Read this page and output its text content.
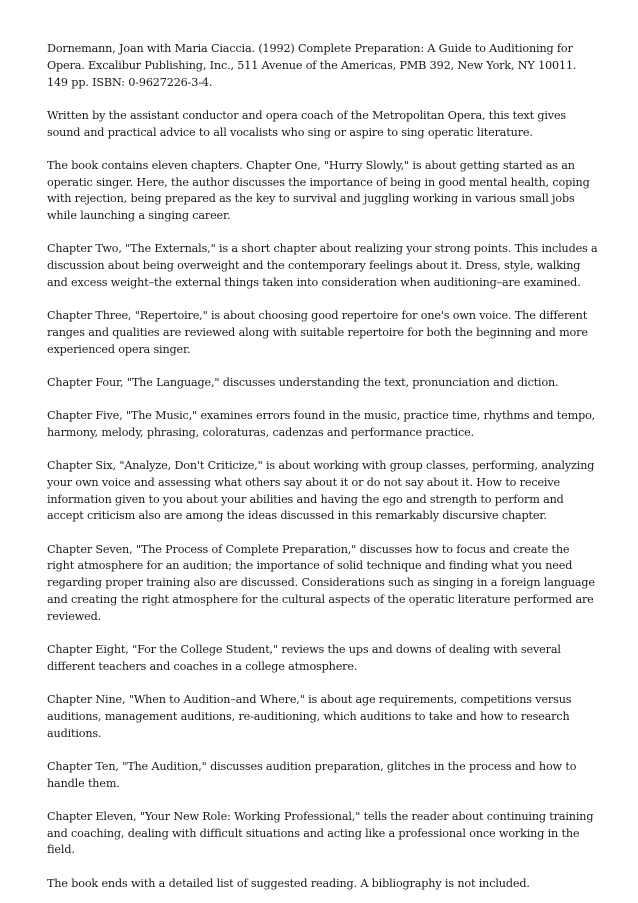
Dornemann, Joan with Maria Ciaccia. (1992) Complete Preparation: A Guide to Auditioning for Opera. Excalibur Publishing, Inc., 511 Avenue of the Americas, PMB 392, New York, NY 10011. 149 pp. ISBN: 0-9627226-3-4.

Written by the assistant conductor and opera coach of the Metropolitan Opera, this text gives sound and practical advice to all vocalists who sing or aspire to sing operatic literature.

The book contains eleven chapters. Chapter One, "Hurry Slowly," is about getting started as an operatic singer. Here, the author discusses the importance of being in good mental health, coping with rejection, being prepared as the key to survival and juggling working in various small jobs while launching a singing career.

Chapter Two, "The Externals," is a short chapter about realizing your strong points. This includes a discussion about being overweight and the contemporary feelings about it. Dress, style, walking and excess weight–the external things taken into consideration when auditioning–are examined.

Chapter Three, "Repertoire," is about choosing good repertoire for one's own voice. The different ranges and qualities are reviewed along with suitable repertoire for both the beginning and more experienced opera singer.

Chapter Four, "The Language," discusses understanding the text, pronunciation and diction.

Chapter Five, "The Music," examines errors found in the music, practice time, rhythms and tempo, harmony, melody, phrasing, coloraturas, cadenzas and performance practice.

Chapter Six, "Analyze, Don't Criticize," is about working with group classes, performing, analyzing your own voice and assessing what others say about it or do not say about it. How to receive information given to you about your abilities and having the ego and strength to perform and accept criticism also are among the ideas discussed in this remarkably discursive chapter.

Chapter Seven, "The Process of Complete Preparation," discusses how to focus and create the right atmosphere for an audition; the importance of solid technique and finding what you need regarding proper training also are discussed. Considerations such as singing in a foreign language and creating the right atmosphere for the cultural aspects of the operatic literature performed are reviewed.

Chapter Eight, "For the College Student," reviews the ups and downs of dealing with several different teachers and coaches in a college atmosphere.

Chapter Nine, "When to Audition–and Where," is about age requirements, competitions versus auditions, management auditions, re-auditioning, which auditions to take and how to research auditions.

Chapter Ten, "The Audition," discusses audition preparation, glitches in the process and how to handle them.

Chapter Eleven, "Your New Role: Working Professional," tells the reader about continuing training and coaching, dealing with difficult situations and acting like a professional once working in the field.

The book ends with a detailed list of suggested reading. A bibliography is not included.
